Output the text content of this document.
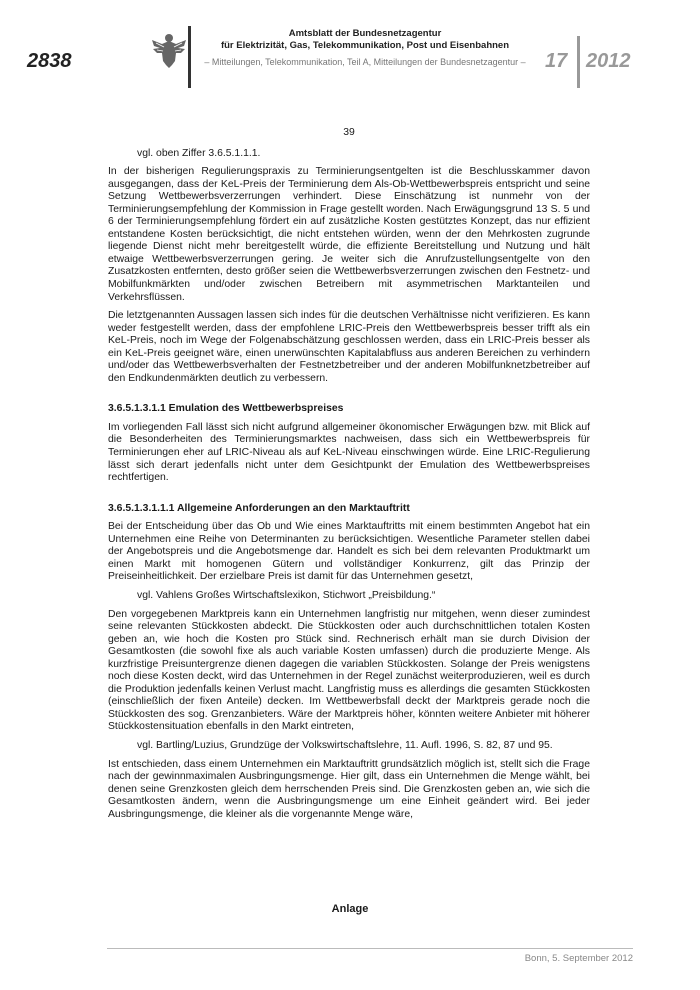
2838
Amtsblatt der Bundesnetzagentur
für Elektrizität, Gas, Telekommunikation, Post und Eisenbahnen
– Mitteilungen, Telekommunikation, Teil A, Mitteilungen der Bundesnetzagentur – 17 2012

39

vgl. oben Ziffer 3.6.5.1.1.1.

In der bisherigen Regulierungspraxis zu Terminierungsentgelten ist die Beschlusskammer davon ausgegangen, dass der KeL-Preis der Terminierung dem Als-Ob-Wettbewerbspreis entspricht und seine Setzung Wettbewerbsverzerrungen verhindert. Diese Einschätzung ist nunmehr von der Terminierungsempfehlung der Kommission in Frage gestellt worden. Nach Erwägungsgrund 13 S. 5 und 6 der Terminierungsempfehlung fördert ein auf zusätzliche Kosten gestütztes Konzept, das nur effizient entstandene Kosten berücksichtigt, die nicht entstehen würden, wenn der den Mehrkosten zugrunde liegende Dienst nicht mehr bereitgestellt würde, die effiziente Bereitstellung und Nutzung und hält etwaige Wettbewerbsverzerrungen gering. Je weiter sich die Anrufzustellungsentgelte von den Zusatzkosten entfernten, desto größer seien die Wettbewerbsverzerrungen zwischen den Festnetz- und Mobilfunkmärkten und/oder zwischen Betreibern mit asymmetrischen Marktanteilen und Verkehrsflüssen.

Die letztgenannten Aussagen lassen sich indes für die deutschen Verhältnisse nicht verifizieren. Es kann weder festgestellt werden, dass der empfohlene LRIC-Preis den Wettbewerbspreis besser trifft als ein KeL-Preis, noch im Wege der Folgenabschätzung geschlossen werden, dass ein LRIC-Preis besser als ein KeL-Preis geeignet wäre, einen unerwünschten Kapitalabfluss aus anderen Bereichen zu verhindern und/oder das Wettbewerbsverhalten der Festnetzbetreiber und der anderen Mobilfunknetzbetreiber auf den Endkundenmärkten deutlich zu verbessern.

3.6.5.1.3.1.1 Emulation des Wettbewerbspreises

Im vorliegenden Fall lässt sich nicht aufgrund allgemeiner ökonomischer Erwägungen bzw. mit Blick auf die Besonderheiten des Terminierungsmarktes nachweisen, dass sich ein Wettbewerbspreis für Terminierungen eher auf LRIC-Niveau als auf KeL-Niveau einschwingen würde. Eine LRIC-Regulierung lässt sich derart jedenfalls nicht unter dem Gesichtpunkt der Emulation des Wettbewerbspreises rechtfertigen.

3.6.5.1.3.1.1.1 Allgemeine Anforderungen an den Marktauftritt

Bei der Entscheidung über das Ob und Wie eines Marktauftritts mit einem bestimmten Angebot hat ein Unternehmen eine Reihe von Determinanten zu berücksichtigen. Wesentliche Parameter stellen dabei der Angebotspreis und die Angebotsmenge dar. Handelt es sich bei dem relevanten Produktmarkt um einen Markt mit homogenen Gütern und vollständiger Konkurrenz, gilt das Prinzip der Preiseinheitlichkeit. Der erzielbare Preis ist damit für das Unternehmen gesetzt,

vgl. Vahlens Großes Wirtschaftslexikon, Stichwort „Preisbildung.“

Den vorgegebenen Marktpreis kann ein Unternehmen langfristig nur mitgehen, wenn dieser zumindest seine relevanten Stückkosten abdeckt. Die Stückkosten oder auch durchschnittlichen totalen Kosten geben an, wie hoch die Kosten pro Stück sind. Rechnerisch erhält man sie durch Division der Gesamtkosten (die sowohl fixe als auch variable Kosten umfassen) durch die produzierte Menge. Als kurzfristige Preisuntergrenze dienen dagegen die variablen Stückkosten. Solange der Preis wenigstens noch diese Kosten deckt, wird das Unternehmen in der Regel zunächst weiterproduzieren, weil es durch die Produktion jedenfalls keinen Verlust macht. Langfristig muss es allerdings die gesamten Stückkosten (einschließlich der fixen Anteile) decken. Im Wettbewerbsfall deckt der Marktpreis gerade noch die Stückkosten des sog. Grenzanbieters. Wäre der Marktpreis höher, könnten weitere Anbieter mit höherer Stückkostensituation ebenfalls in den Markt eintreten,

vgl. Bartling/Luzius, Grundzüge der Volkswirtschaftslehre, 11. Aufl. 1996, S. 82, 87 und 95.

Ist entschieden, dass einem Unternehmen ein Marktauftritt grundsätzlich möglich ist, stellt sich die Frage nach der gewinnmaximalen Ausbringungsmenge. Hier gilt, dass ein Unternehmen die Menge wählt, bei denen seine Grenzkosten gleich dem herrschenden Preis sind. Die Grenzkosten geben an, wie sich die Gesamtkosten ändern, wenn die Ausbringungsmenge um eine Einheit geändert wird. Bei jeder Ausbringungsmenge, die kleiner als die vorgenannte Menge wäre,

Anlage
Bonn, 5. September 2012
